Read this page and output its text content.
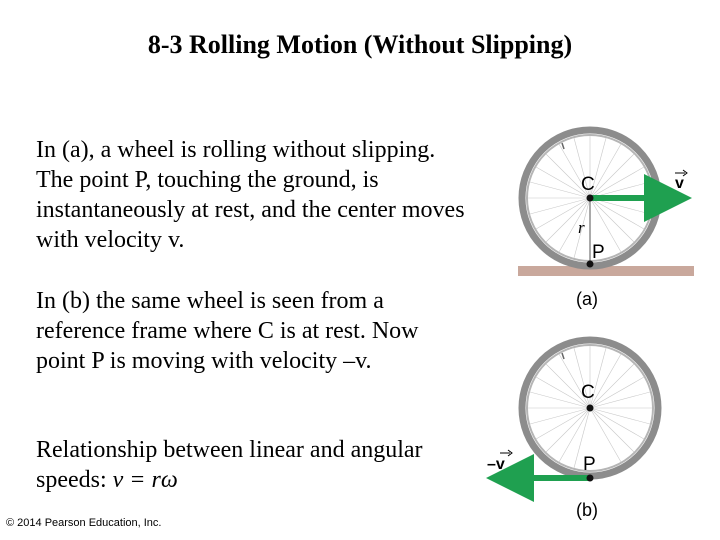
8-3 Rolling Motion (Without Slipping)
In (a), a wheel is rolling without slipping. The point P, touching the ground, is instantaneously at rest, and the center moves with velocity v.
In (b) the same wheel is seen from a reference frame where C is at rest. Now point P is moving with velocity –v.
Relationship between linear and angular speeds: v = rω
© 2014 Pearson Education, Inc.
C
r
P
v
(a)
C
P
–v
(b)
